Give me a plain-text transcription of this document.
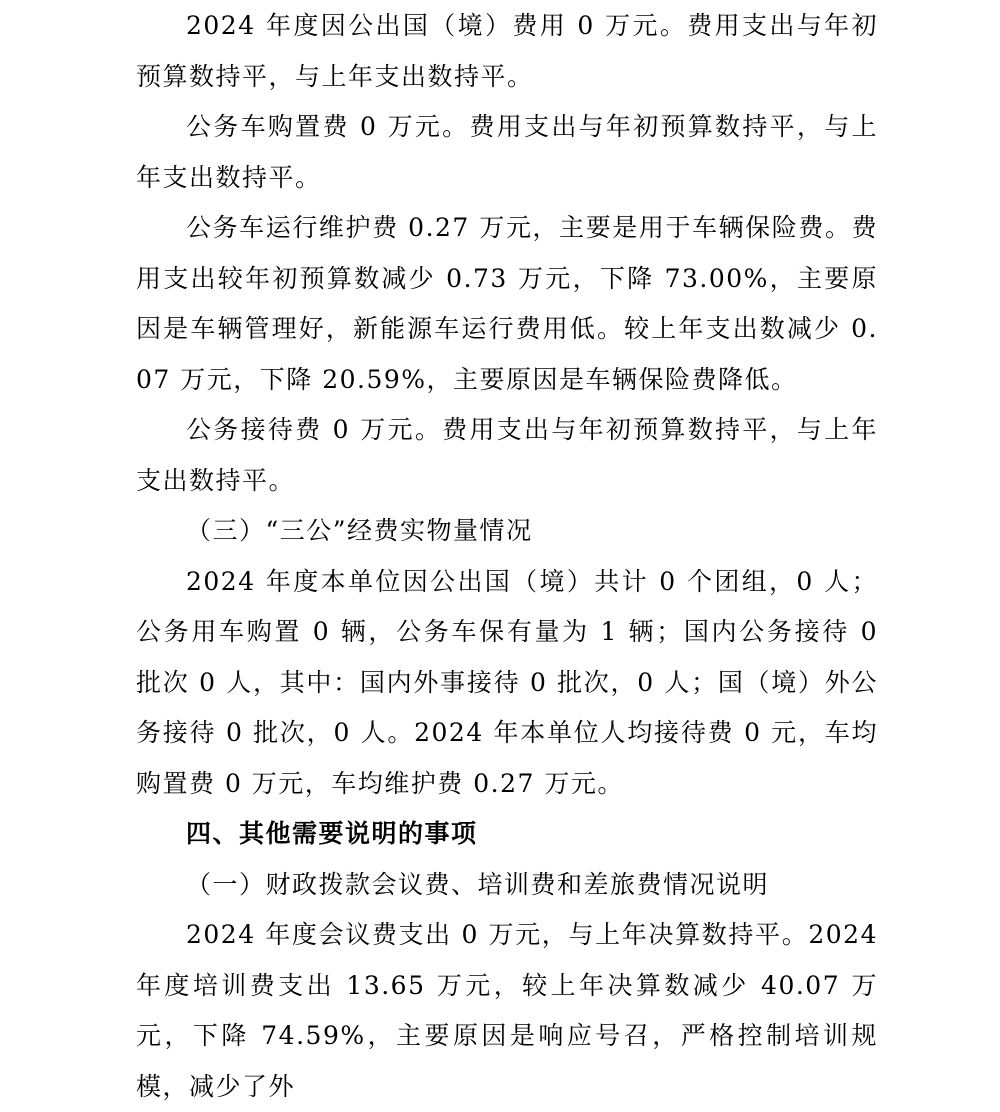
2024 年度因公出国（境）费用 0 万元。费用支出与年初预算数持平，与上年支出数持平。

公务车购置费 0 万元。费用支出与年初预算数持平，与上年支出数持平。

公务车运行维护费 0.27 万元，主要是用于车辆保险费。费用支出较年初预算数减少 0.73 万元，下降 73.00%，主要原因是车辆管理好，新能源车运行费用低。较上年支出数减少 0.07 万元，下降 20.59%，主要原因是车辆保险费降低。

公务接待费 0 万元。费用支出与年初预算数持平，与上年支出数持平。

（三）“三公”经费实物量情况

2024 年度本单位因公出国（境）共计 0 个团组，0 人；公务用车购置 0 辆，公务车保有量为 1 辆；国内公务接待 0 批次 0 人，其中：国内外事接待 0 批次，0 人；国（境）外公务接待 0 批次，0 人。2024 年本单位人均接待费 0 元，车均购置费 0 万元，车均维护费 0.27 万元。

四、其他需要说明的事项

（一）财政拨款会议费、培训费和差旅费情况说明

2024 年度会议费支出 0 万元，与上年决算数持平。2024 年度培训费支出 13.65 万元，较上年决算数减少 40.07 万元，下降 74.59%，主要原因是响应号召，严格控制培训规模，减少了外
